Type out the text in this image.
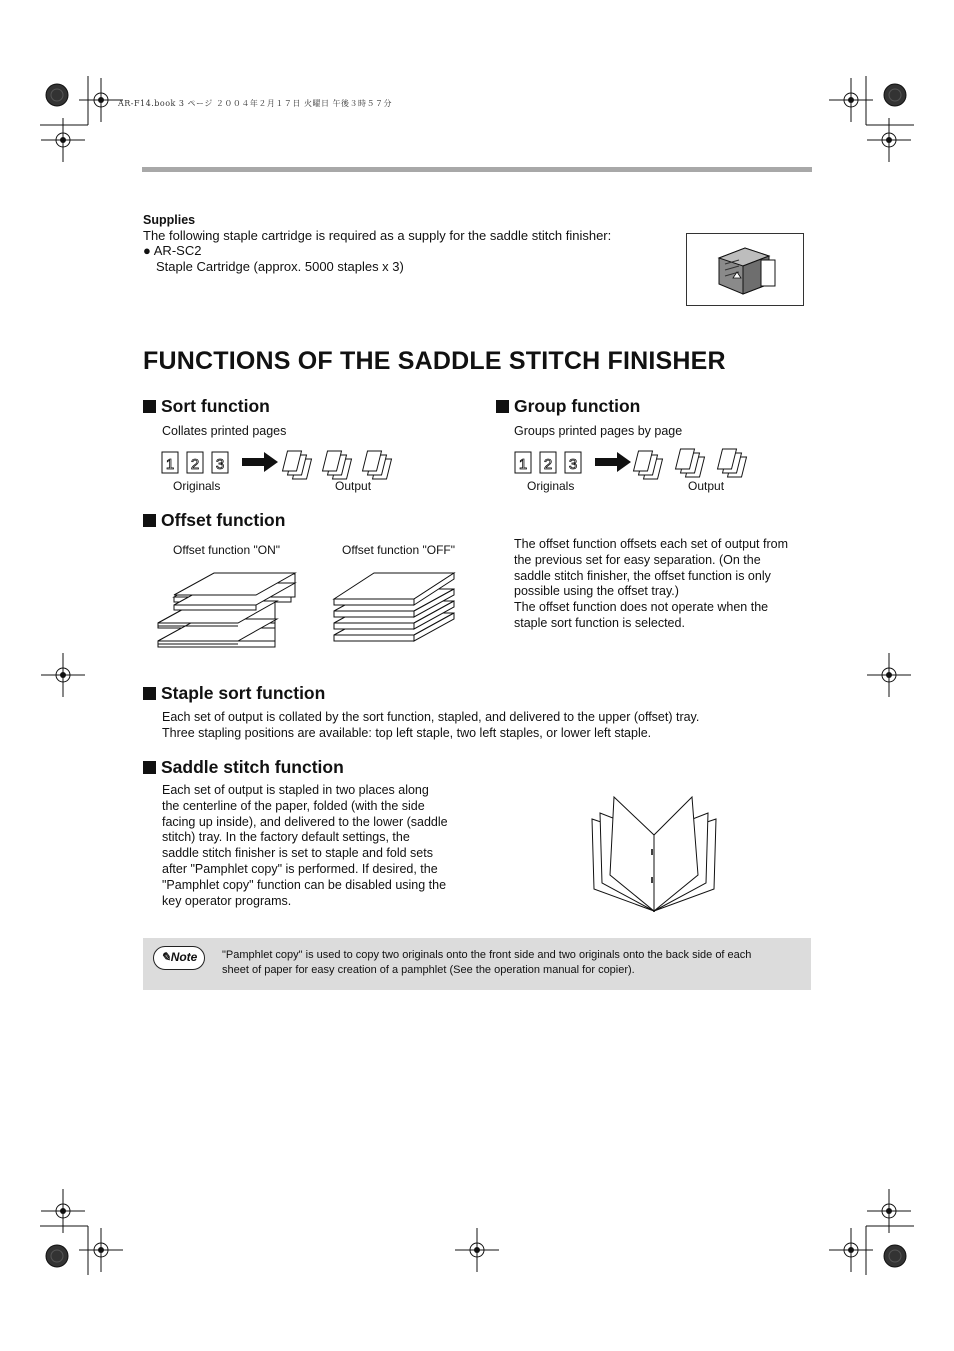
AR-F14.book 3 ページ ２００４年２月１７日 火曜日 午後３時５７分
Supplies
The following staple cartridge is required as a supply for the saddle stitch finisher:
● AR-SC2
Staple Cartridge (approx. 5000 staples x 3)
FUNCTIONS OF THE SADDLE STITCH FINISHER
Sort function
Collates printed pages
1 2 3
Originals	Output
Group function
Groups printed pages by page
1 2 3
Originals	Output
Offset function
Offset function "ON"	Offset function "OFF"	The offset function offsets each set of output from
the previous set for easy separation. (On the
saddle stitch finisher, the offset function is only
possible using the offset tray.)
The offset function does not operate when the
staple sort function is selected.
Staple sort function
Each set of output is collated by the sort function, stapled, and delivered to the upper (offset) tray.
Three stapling positions are available: top left staple, two left staples, or lower left staple.
Saddle stitch function
Each set of output is stapled in two places along
the centerline of the paper, folded (with the side
facing up inside), and delivered to the lower (saddle
stitch) tray. In the factory default settings, the
saddle stitch finisher is set to staple and fold sets
after "Pamphlet copy" is performed. If desired, the
"Pamphlet copy" function can be disabled using the
key operator programs.
✎Note	"Pamphlet copy" is used to copy two originals onto the front side and two originals onto the back side of each
sheet of paper for easy creation of a pamphlet (See the operation manual for copier).
